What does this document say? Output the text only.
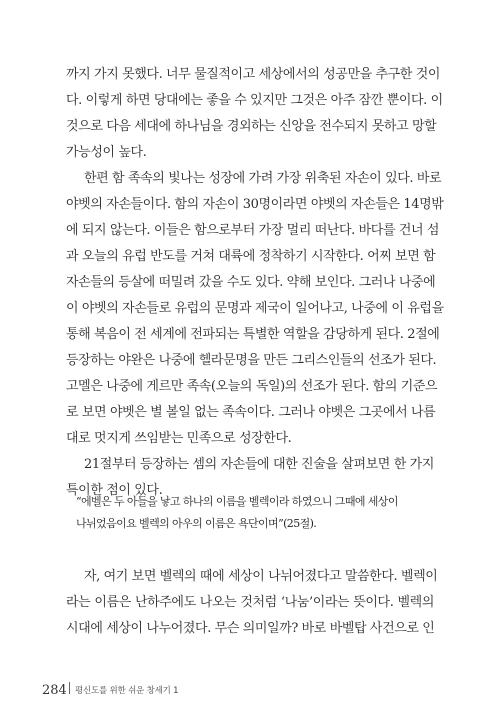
까지 가지 못했다. 너무 물질적이고 세상에서의 성공만을 추구한 것이
다. 이렇게 하면 당대에는 좋을 수 있지만 그것은 아주 잠깐 뿐이다. 이
것으로 다음 세대에 하나님을 경외하는 신앙을 전수되지 못하고 망할
가능성이 높다.
한편 함 족속의 빛나는 성장에 가려 가장 위축된 자손이 있다. 바로
야벳의 자손들이다. 함의 자손이 30명이라면 야벳의 자손들은 14명밖
에 되지 않는다. 이들은 함으로부터 가장 멀리 떠난다. 바다를 건너 섬
과 오늘의 유럽 반도를 거쳐 대륙에 정착하기 시작한다. 어찌 보면 함
자손들의 등살에 떠밀려 갔을 수도 있다. 약해 보인다. 그러나 나중에
이 야벳의 자손들로 유럽의 문명과 제국이 일어나고, 나중에 이 유럽을
통해 복음이 전 세계에 전파되는 특별한 역할을 감당하게 된다. 2절에
등장하는 야완은 나중에 헬라문명을 만든 그리스인들의 선조가 된다.
고멜은 나중에 게르만 족속(오늘의 독일)의 선조가 된다. 함의 기준으
로 보면 야벳은 별 볼일 없는 족속이다. 그러나 야벳은 그곳에서 나름
대로 멋지게 쓰임받는 민족으로 성장한다.
21절부터 등장하는 셈의 자손들에 대한 진술을 살펴보면 한 가지
특이한 점이 있다.
“에벨은 두 아들을 낳고 하나의 이름을 벨렉이라 하였으니 그때에 세상이
나뉘었음이요 벨렉의 아우의 이름은 욕단이며”(25절).
자, 여기 보면 벨렉의 때에 세상이 나뉘어졌다고 말씀한다. 벨렉이
라는 이름은 난하주에도 나오는 것처럼 ‘나눔’이라는 뜻이다. 벨렉의
시대에 세상이 나누어졌다. 무슨 의미일까? 바로 바벨탑 사건으로 인
284 평신도를 위한 쉬운 창세기 1
